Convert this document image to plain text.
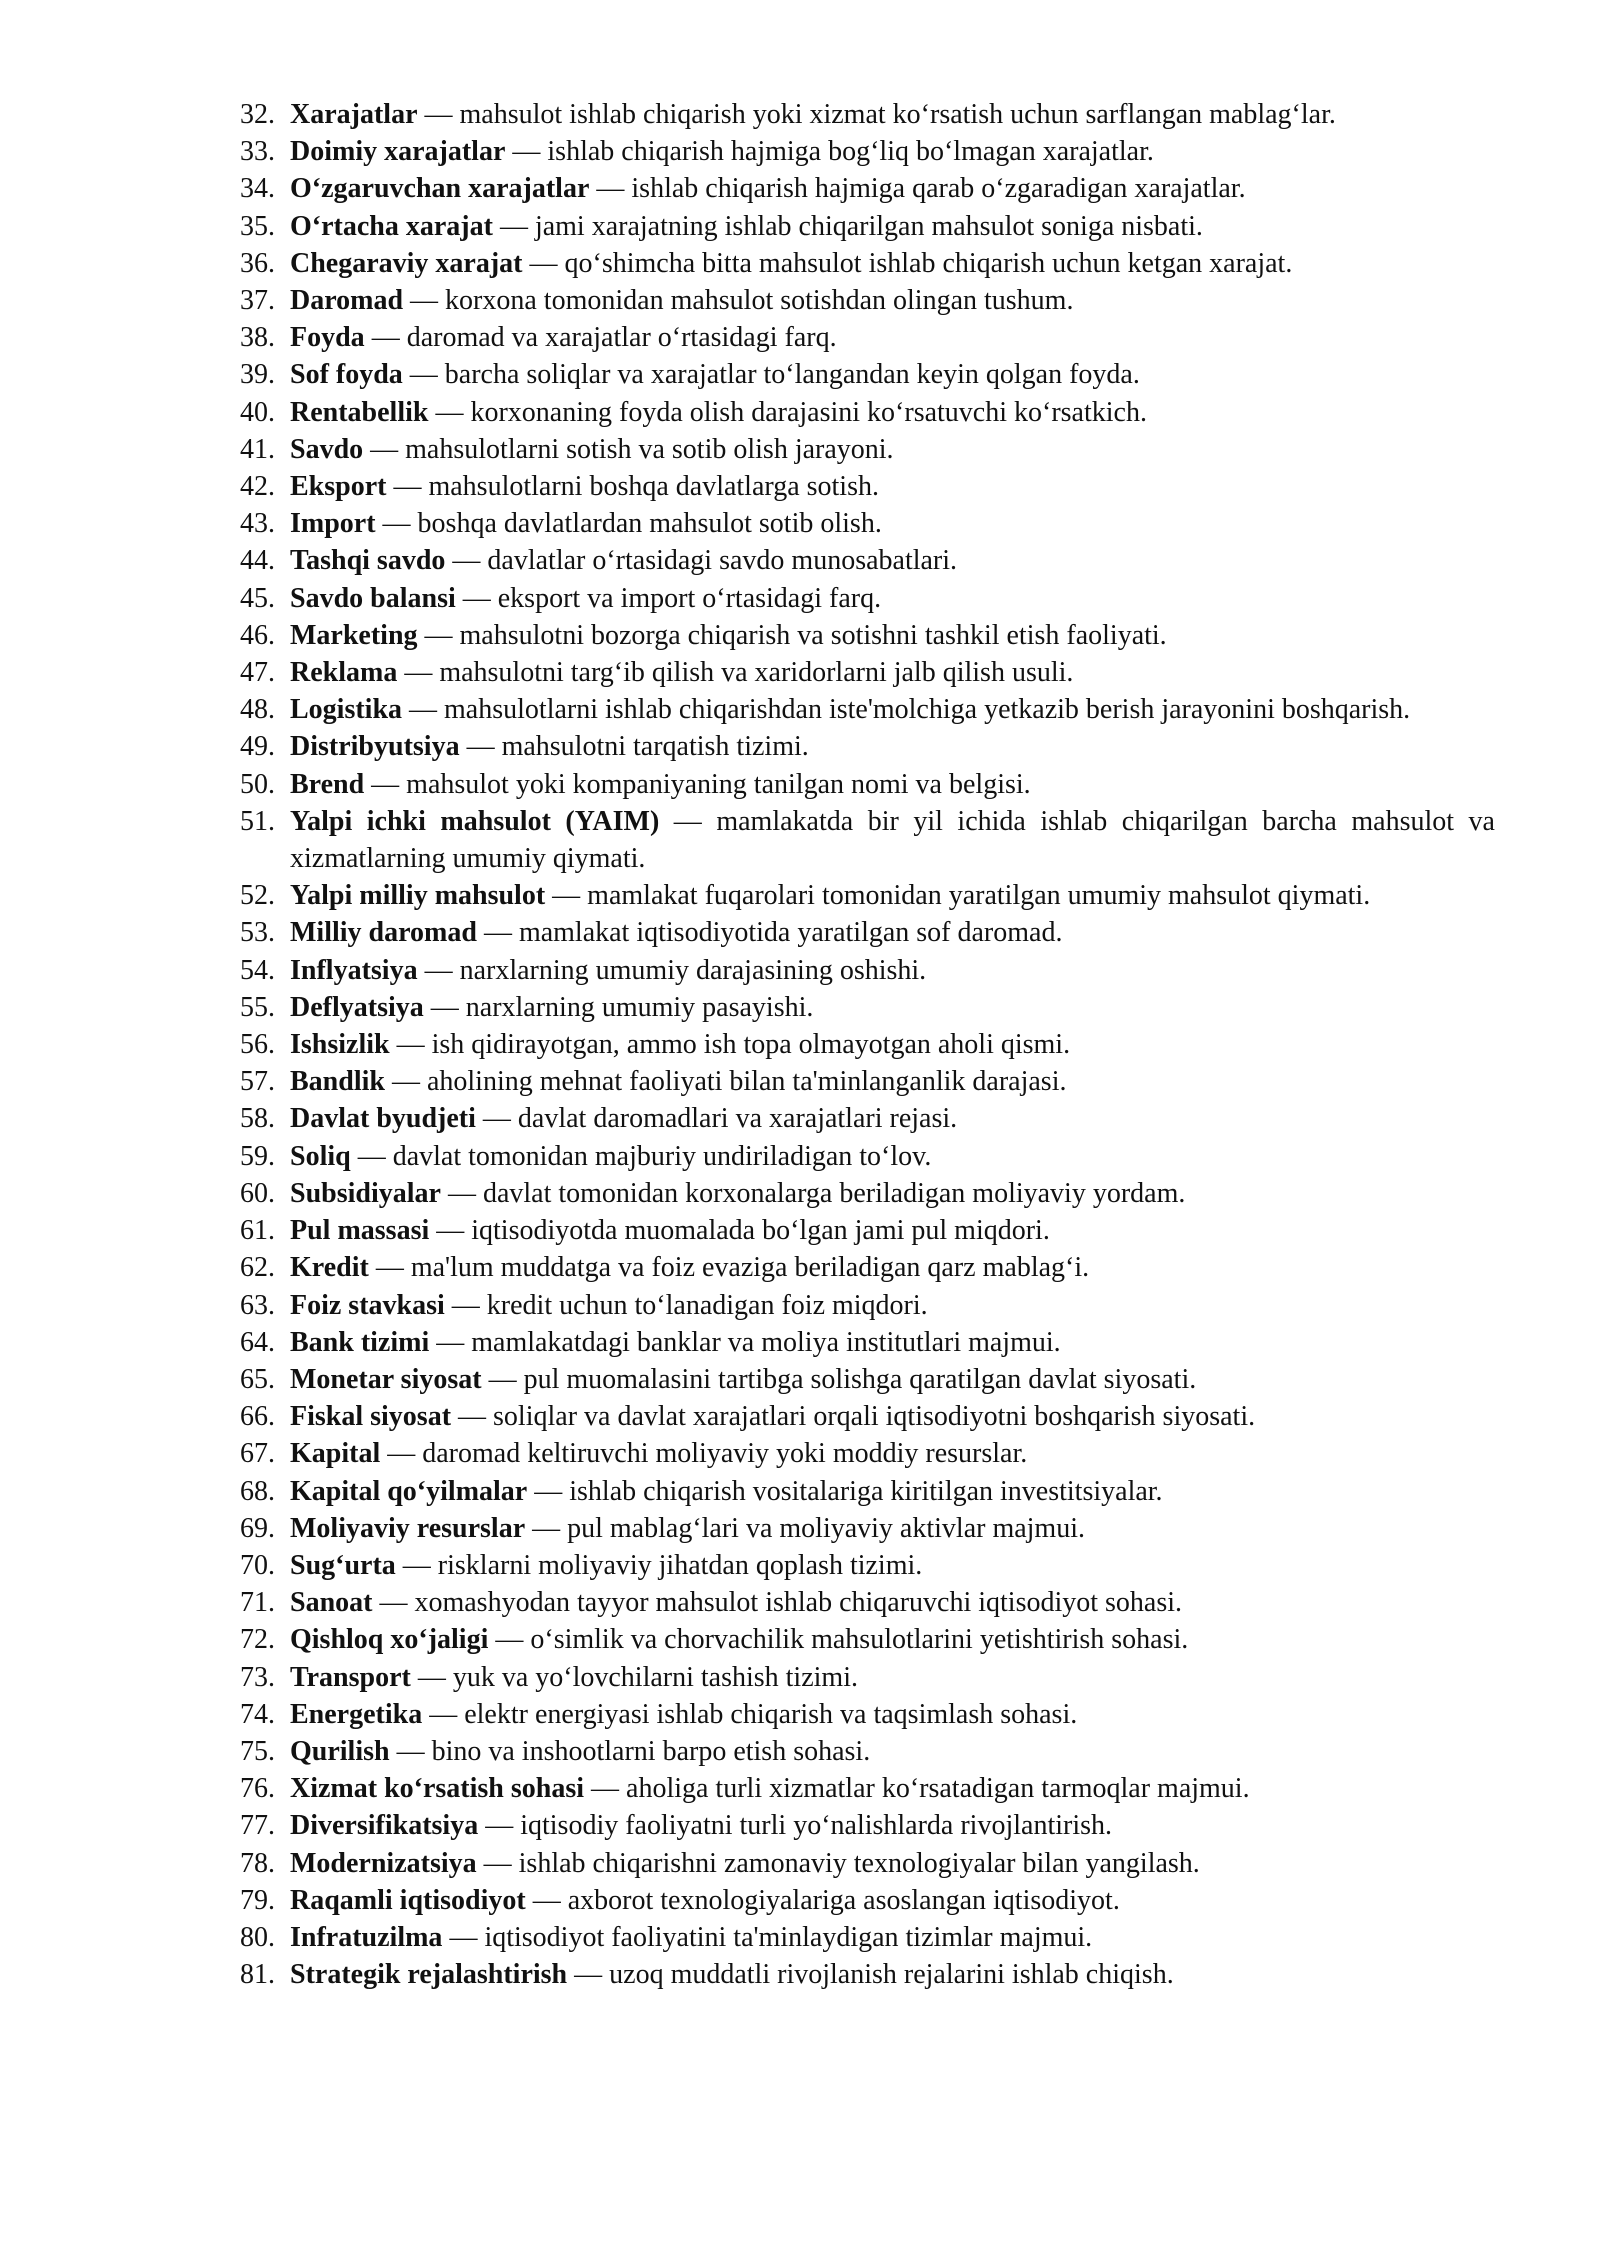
32. Xarajatlar — mahsulot ishlab chiqarish yoki xizmat ko‘rsatish uchun sarflangan mablag‘lar.
33. Doimiy xarajatlar — ishlab chiqarish hajmiga bog‘liq bo‘lmagan xarajatlar.
34. O‘zgaruvchan xarajatlar — ishlab chiqarish hajmiga qarab o‘zgaradigan xarajatlar.
35. O‘rtacha xarajat — jami xarajatning ishlab chiqarilgan mahsulot soniga nisbati.
36. Chegaraviy xarajat — qo‘shimcha bitta mahsulot ishlab chiqarish uchun ketgan xarajat.
37. Daromad — korxona tomonidan mahsulot sotishdan olingan tushum.
38. Foyda — daromad va xarajatlar o‘rtasidagi farq.
39. Sof foyda — barcha soliqlar va xarajatlar to‘langandan keyin qolgan foyda.
40. Rentabellik — korxonaning foyda olish darajasini ko‘rsatuvchi ko‘rsatkich.
41. Savdo — mahsulotlarni sotish va sotib olish jarayoni.
42. Eksport — mahsulotlarni boshqa davlatlarga sotish.
43. Import — boshqa davlatlardan mahsulot sotib olish.
44. Tashqi savdo — davlatlar o‘rtasidagi savdo munosabatlari.
45. Savdo balansi — eksport va import o‘rtasidagi farq.
46. Marketing — mahsulotni bozorga chiqarish va sotishni tashkil etish faoliyati.
47. Reklama — mahsulotni targ‘ib qilish va xaridorlarni jalb qilish usuli.
48. Logistika — mahsulotlarni ishlab chiqarishdan iste'molchiga yetkazib berish jarayonini boshqarish.
49. Distribyutsiya — mahsulotni tarqatish tizimi.
50. Brend — mahsulot yoki kompaniyaning tanilgan nomi va belgisi.
51. Yalpi ichki mahsulot (YAIM) — mamlakatda bir yil ichida ishlab chiqarilgan barcha mahsulot va xizmatlarning umumiy qiymati.
52. Yalpi milliy mahsulot — mamlakat fuqarolari tomonidan yaratilgan umumiy mahsulot qiymati.
53. Milliy daromad — mamlakat iqtisodiyotida yaratilgan sof daromad.
54. Inflyatsiya — narxlarning umumiy darajasining oshishi.
55. Deflyatsiya — narxlarning umumiy pasayishi.
56. Ishsizlik — ish qidirayotgan, ammo ish topa olmayotgan aholi qismi.
57. Bandlik — aholining mehnat faoliyati bilan ta'minlanganlik darajasi.
58. Davlat byudjeti — davlat daromadlari va xarajatlari rejasi.
59. Soliq — davlat tomonidan majburiy undiriladigan to‘lov.
60. Subsidiyalar — davlat tomonidan korxonalarga beriladigan moliyaviy yordam.
61. Pul massasi — iqtisodiyotda muomalada bo‘lgan jami pul miqdori.
62. Kredit — ma'lum muddatga va foiz evaziga beriladigan qarz mablag‘i.
63. Foiz stavkasi — kredit uchun to‘lanadigan foiz miqdori.
64. Bank tizimi — mamlakatdagi banklar va moliya institutlari majmui.
65. Monetar siyosat — pul muomalasini tartibga solishga qaratilgan davlat siyosati.
66. Fiskal siyosat — soliqlar va davlat xarajatlari orqali iqtisodiyotni boshqarish siyosati.
67. Kapital — daromad keltiruvchi moliyaviy yoki moddiy resurslar.
68. Kapital qo‘yilmalar — ishlab chiqarish vositalariga kiritilgan investitsiyalar.
69. Moliyaviy resurslar — pul mablag‘lari va moliyaviy aktivlar majmui.
70. Sug‘urta — risklarni moliyaviy jihatdan qoplash tizimi.
71. Sanoat — xomashyodan tayyor mahsulot ishlab chiqaruvchi iqtisodiyot sohasi.
72. Qishloq xo‘jaligi — o‘simlik va chorvachilik mahsulotlarini yetishtirish sohasi.
73. Transport — yuk va yo‘lovchilarni tashish tizimi.
74. Energetika — elektr energiyasi ishlab chiqarish va taqsimlash sohasi.
75. Qurilish — bino va inshootlarni barpo etish sohasi.
76. Xizmat ko‘rsatish sohasi — aholiga turli xizmatlar ko‘rsatadigan tarmoqlar majmui.
77. Diversifikatsiya — iqtisodiy faoliyatni turli yo‘nalishlarda rivojlantirish.
78. Modernizatsiya — ishlab chiqarishni zamonaviy texnologiyalar bilan yangilash.
79. Raqamli iqtisodiyot — axborot texnologiyalariga asoslangan iqtisodiyot.
80. Infratuzilma — iqtisodiyot faoliyatini ta'minlaydigan tizimlar majmui.
81. Strategik rejalashtirish — uzoq muddatli rivojlanish rejalarini ishlab chiqish.
